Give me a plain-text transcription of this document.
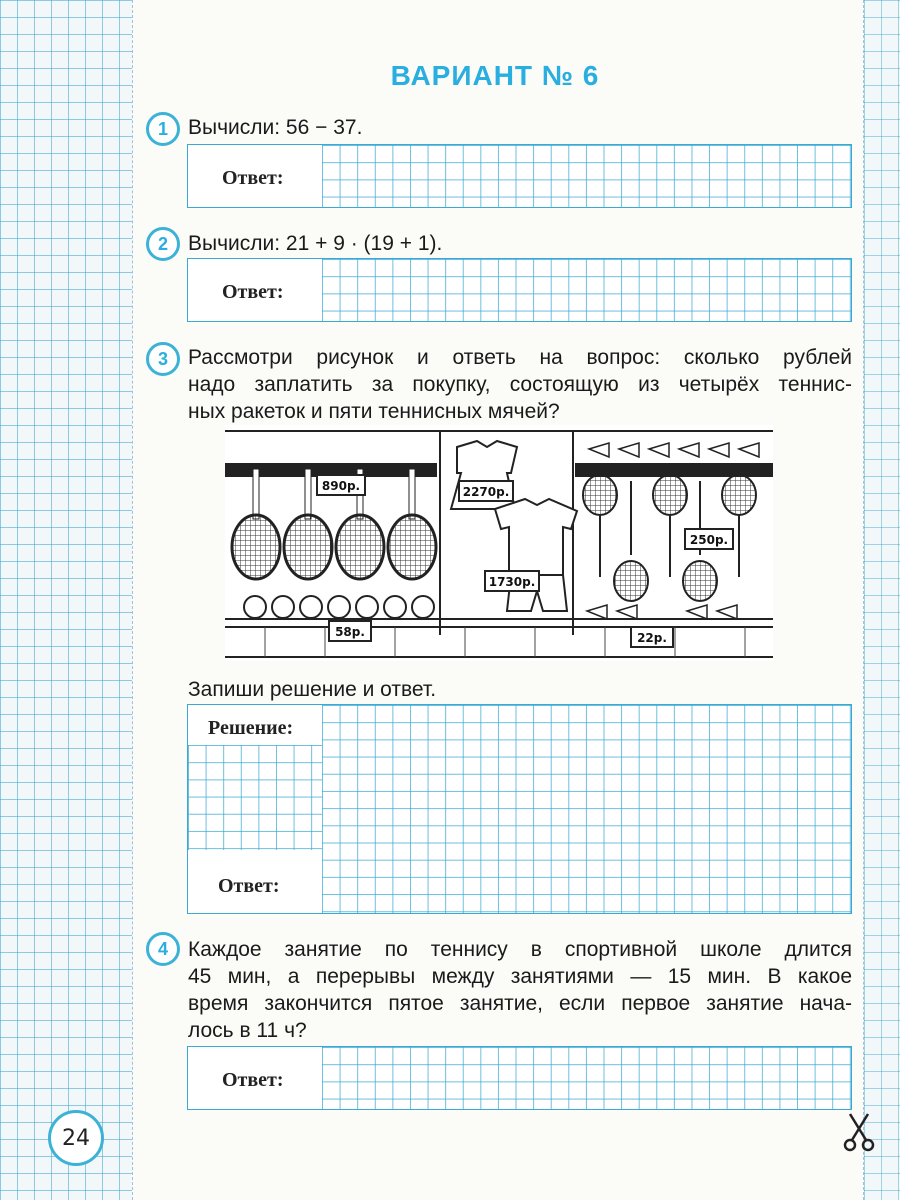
24
ВАРИАНТ № 6
1 Вычисли: 56 − 37.
Ответ:
2 Вычисли: 21 + 9 · (19 + 1).
Ответ:
3 Рассмотри рисунок и ответь на вопрос: сколько рублей
надо заплатить за покупку, состоящую из четырёх теннис-
ных ракеток и пяти теннисных мячей?
890р.	2270р.
1730р.
250р.
58р.	22р.
Запиши решение и ответ.
Решение:
Ответ:
4 Каждое занятие по теннису в спортивной школе длится
45 мин, а перерывы между занятиями — 15 мин. В какое
время закончится пятое занятие, если первое занятие нача-
лось в 11 ч?
Ответ:
